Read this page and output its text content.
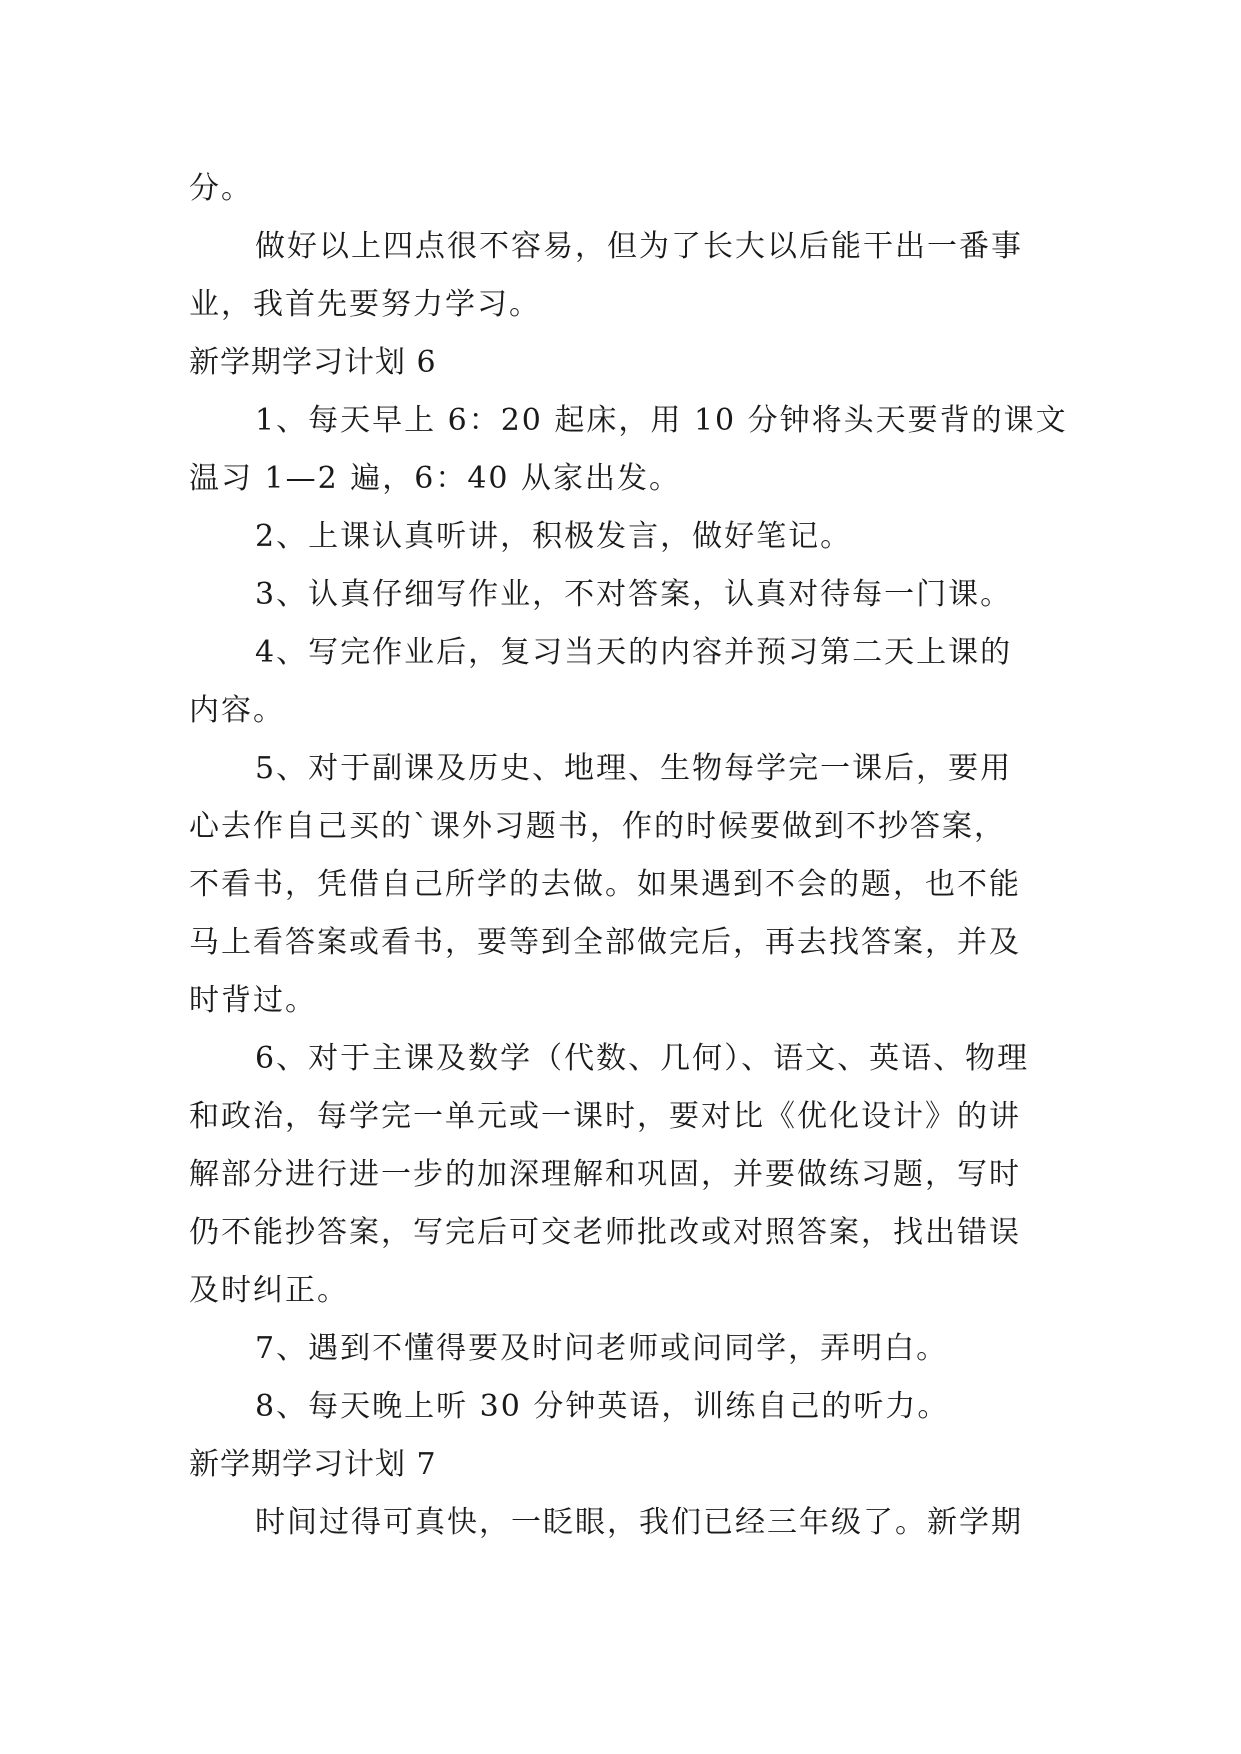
分。
做好以上四点很不容易，但为了长大以后能干出一番事
业，我首先要努力学习。
新学期学习计划 6
1、每天早上 6：20 起床，用 10 分钟将头天要背的课文
温习 1—2 遍，6：40 从家出发。
2、上课认真听讲，积极发言，做好笔记。
3、认真仔细写作业，不对答案，认真对待每一门课。
4、写完作业后，复习当天的内容并预习第二天上课的
内容。
5、对于副课及历史、地理、生物每学完一课后，要用
心去作自己买的`课外习题书，作的时候要做到不抄答案，
不看书，凭借自己所学的去做。如果遇到不会的题，也不能
马上看答案或看书，要等到全部做完后，再去找答案，并及
时背过。
6、对于主课及数学（代数、几何）、语文、英语、物理
和政治，每学完一单元或一课时，要对比《优化设计》的讲
解部分进行进一步的加深理解和巩固，并要做练习题，写时
仍不能抄答案，写完后可交老师批改或对照答案，找出错误
及时纠正。
7、遇到不懂得要及时问老师或问同学，弄明白。
8、每天晚上听 30 分钟英语，训练自己的听力。
新学期学习计划 7
时间过得可真快，一眨眼，我们已经三年级了。新学期
